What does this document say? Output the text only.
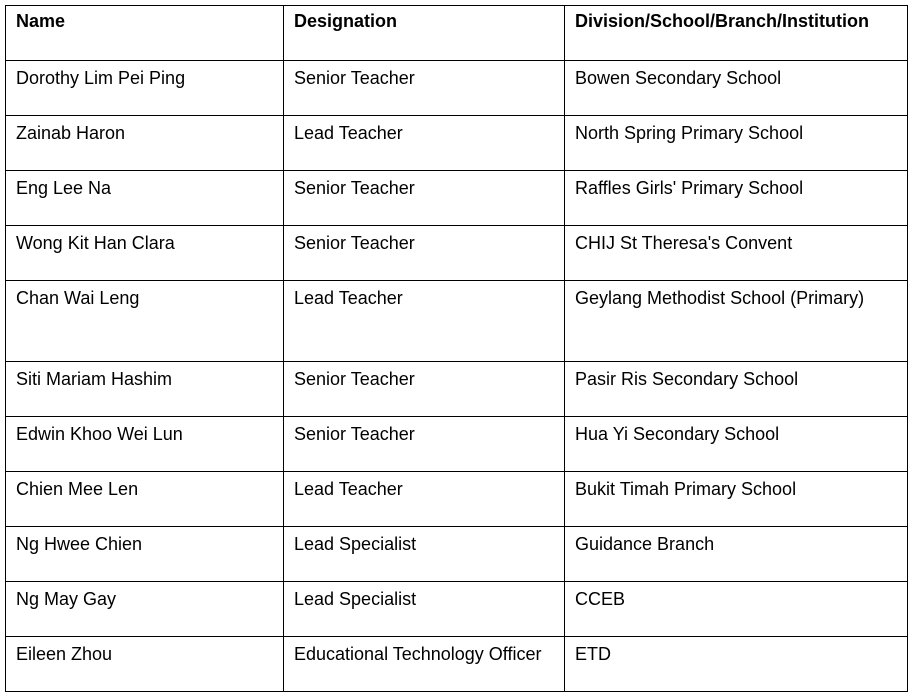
Name	Designation	Division/School/Branch/Institution
Dorothy Lim Pei Ping	Senior Teacher	Bowen Secondary School
Zainab Haron	Lead Teacher	North Spring Primary School
Eng Lee Na	Senior Teacher	Raffles Girls' Primary School
Wong Kit Han Clara	Senior Teacher	CHIJ St Theresa's Convent
Chan Wai Leng	Lead Teacher	Geylang Methodist School (Primary)
Siti Mariam Hashim	Senior Teacher	Pasir Ris Secondary School
Edwin Khoo Wei Lun	Senior Teacher	Hua Yi Secondary School
Chien Mee Len	Lead Teacher	Bukit Timah Primary School
Ng Hwee Chien	Lead Specialist	Guidance Branch
Ng May Gay	Lead Specialist	CCEB
Eileen Zhou	Educational Technology Officer	ETD
